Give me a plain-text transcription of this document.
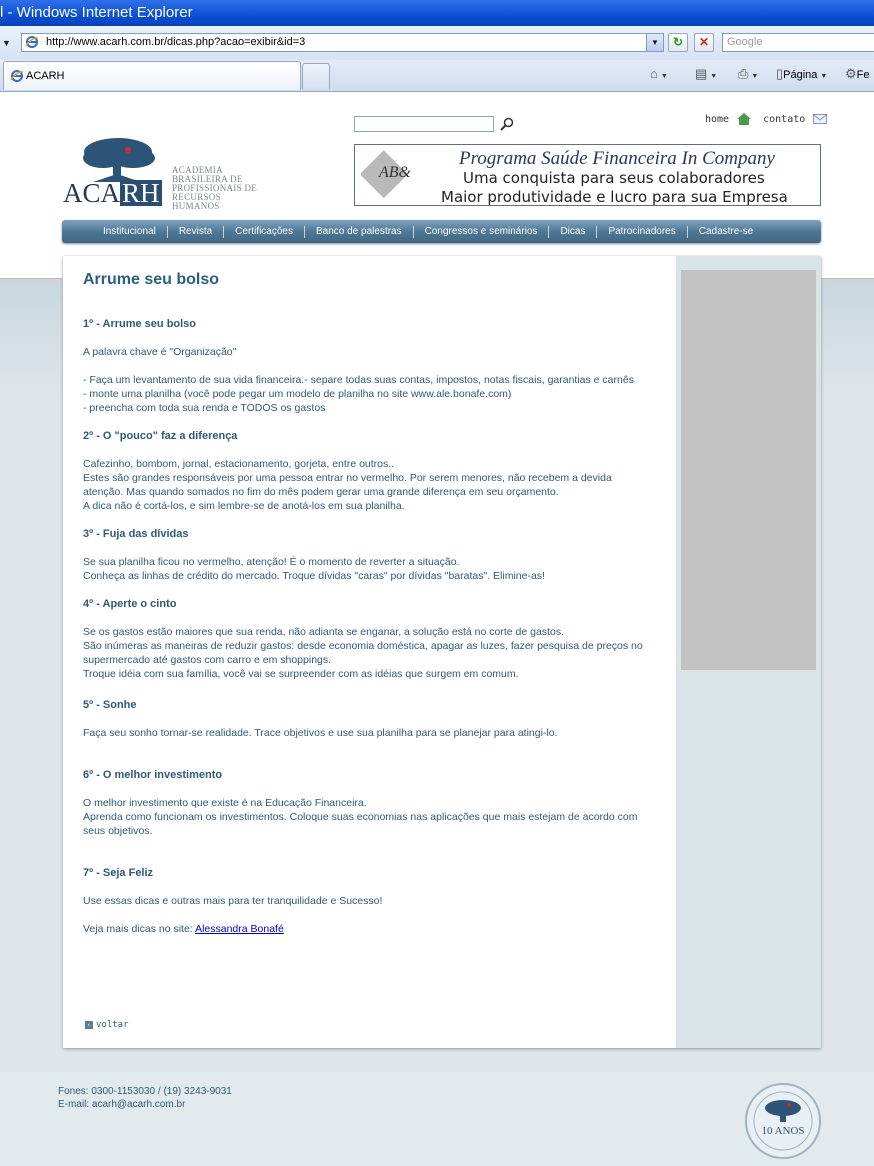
l - Windows Internet Explorer
▼	http://www.acarh.com.br/dicas.php?acao=exibir&id=3	▼	↻	✕	Google
ACARH	⌂ ▼ ▤ ▼ ⎙ ▼ ▯Página ▼ ⚙Fe
home	contato
ACARH
ACADEMIA BRASILEIRA DE PROFISSIONAIS DE RECURSOS HUMANOS
AB&
Programa Saúde Financeira In Company
Uma conquista para seus colaboradores
Maior produtividade e lucro para sua Empresa
Institucional	Revista	Certificações	Banco de palestras	Congressos e seminários	Dicas	Patrocinadores	Cadastre-se
Arrume seu bolso
1º - Arrume seu bolso
A palavra chave é "Organização"
- Faça um levantamento de sua vida financeira.- separe todas suas contas, impostos, notas fiscais, garantias e carnês
- monte uma planilha (você pode pegar um modelo de planilha no site www.ale.bonafe.com)
- preencha com toda sua renda e TODOS os gastos
2º - O "pouco" faz a diferença
Cafezinho, bombom, jornal, estacionamento, gorjeta, entre outros..
Estes são grandes responsáveis por uma pessoa entrar no vermelho. Por serem menores, não recebem a devida
atenção. Mas quando somados no fim do mês podem gerar uma grande diferença em seu orçamento.
A dica não é cortá-los, e sim lembre-se de anotá-los em sua planilha.
3º - Fuja das dívidas
Se sua planilha ficou no vermelho, atenção! É o momento de reverter a situação.
Conheça as linhas de crédito do mercado. Troque dívidas "caras" por dívidas "baratas". Elimine-as!
4º - Aperte o cinto
Se os gastos estão maiores que sua renda, não adianta se enganar, a solução está no corte de gastos.
São inúmeras as maneiras de reduzir gastos: desde economia doméstica, apagar as luzes, fazer pesquisa de preços no
supermercado até gastos com carro e em shoppings.
Troque idéia com sua família, você vai se surpreender com as idéias que surgem em comum.
5º - Sonhe
Faça seu sonho tornar-se realidade. Trace objetivos e use sua planilha para se planejar para atingi-lo.
6º - O melhor investimento
O melhor investimento que existe é na Educação Financeira.
Aprenda como funcionam os investimentos. Coloque suas economias nas aplicações que mais estejam de acordo com
seus objetivos.
7º - Seja Feliz
Use essas dicas e outras mais para ter tranquilidade e Sucesso!
Veja mais dicas no site: Alessandra Bonafé
‹ voltar
Fones: 0300-1153030 / (19) 3243-9031
E-mail: acarh@acarh.com.br
10 ANOS
